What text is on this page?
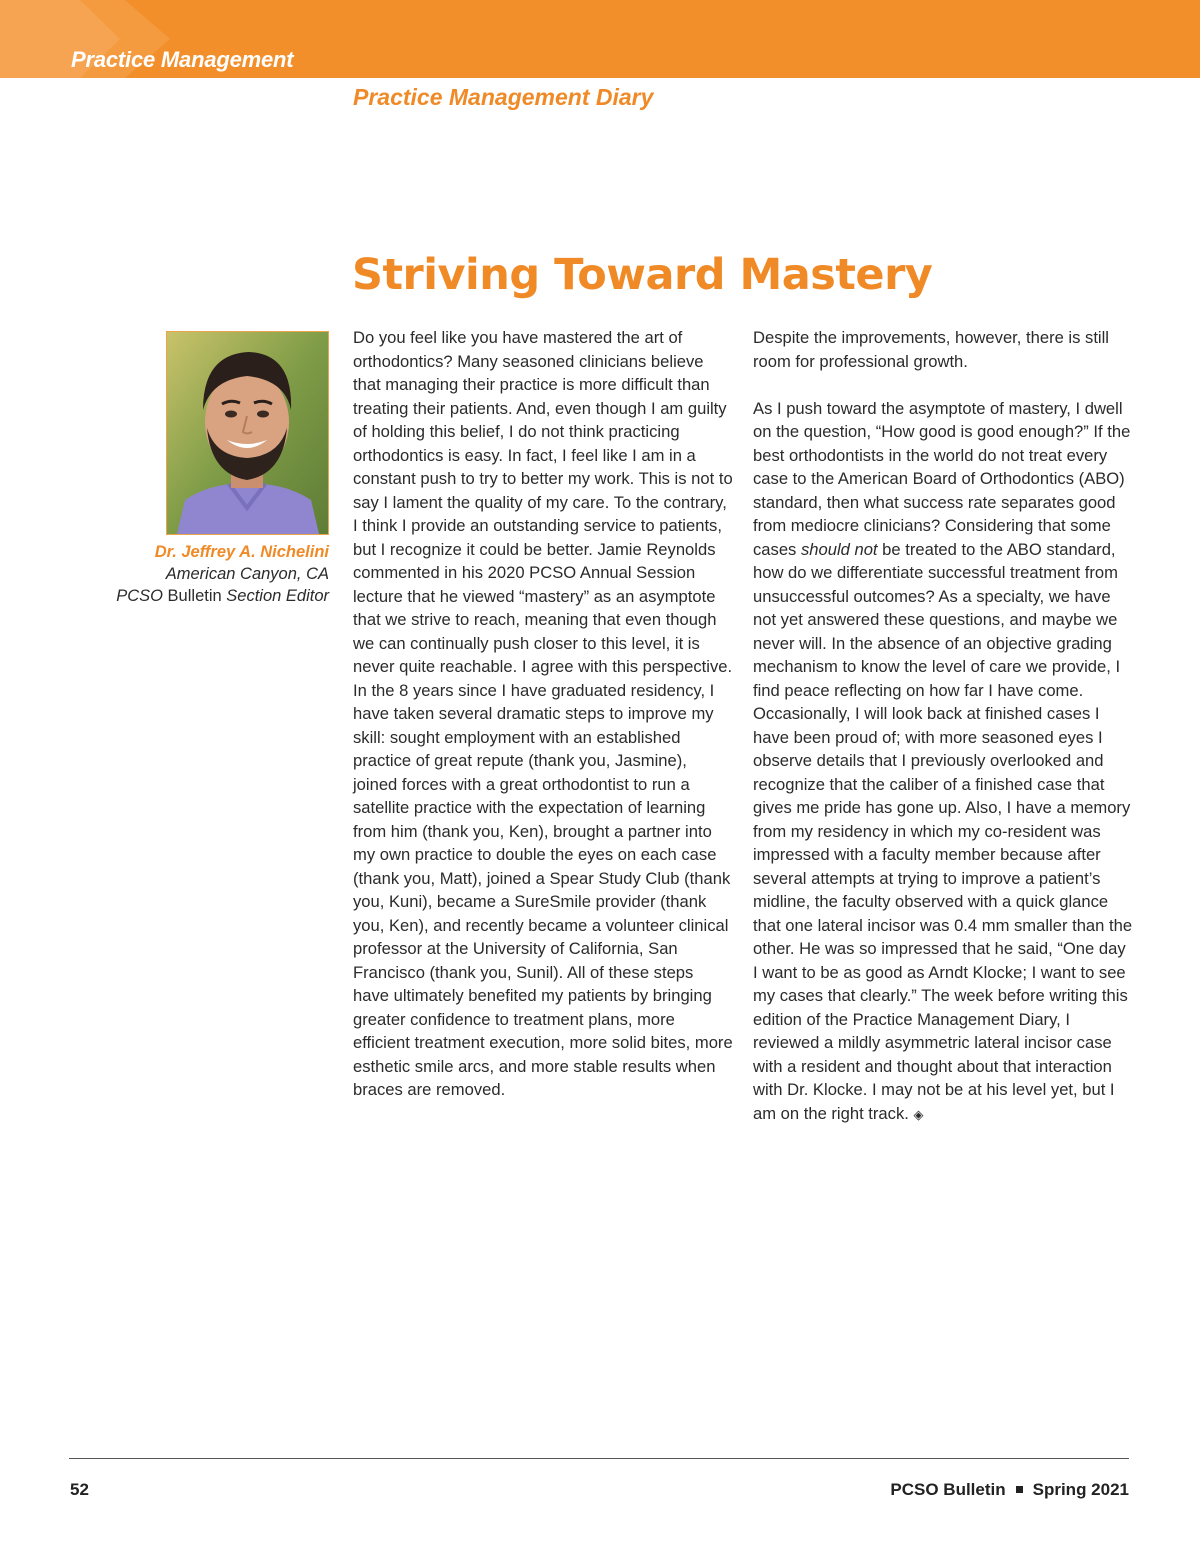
Practice Management
Practice Management Diary
Striving Toward Mastery
Dr. Jeffrey A. Nichelini
American Canyon, CA
PCSO Bulletin Section Editor

Do you feel like you have mastered the art of orthodontics? Many seasoned clinicians believe that managing their practice is more difficult than treating their patients. And, even though I am guilty of holding this belief, I do not think practicing orthodontics is easy. In fact, I feel like I am in a constant push to try to better my work. This is not to say I lament the quality of my care. To the contrary, I think I provide an outstanding service to patients, but I recognize it could be better. Jamie Reynolds commented in his 2020 PCSO Annual Session lecture that he viewed “mastery” as an asymptote that we strive to reach, meaning that even though we can continually push closer to this level, it is never quite reachable. I agree with this perspective. In the 8 years since I have graduated residency, I have taken several dramatic steps to improve my skill: sought employment with an established practice of great repute (thank you, Jasmine), joined forces with a great orthodontist to run a satellite practice with the expectation of learning from him (thank you, Ken), brought a partner into my own practice to double the eyes on each case (thank you, Matt), joined a Spear Study Club (thank you, Kuni), became a SureSmile provider (thank you, Ken), and recently became a volunteer clinical professor at the University of California, San Francisco (thank you, Sunil). All of these steps have ultimately benefited my patients by bringing greater confidence to treatment plans, more efficient treatment execution, more solid bites, more esthetic smile arcs, and more stable results when braces are removed.

Despite the improvements, however, there is still room for professional growth.

As I push toward the asymptote of mastery, I dwell on the question, “How good is good enough?” If the best orthodontists in the world do not treat every case to the American Board of Orthodontics (ABO) standard, then what success rate separates good from mediocre clinicians? Considering that some cases should not be treated to the ABO standard, how do we differentiate successful treatment from unsuccessful outcomes? As a specialty, we have not yet answered these questions, and maybe we never will. In the absence of an objective grading mechanism to know the level of care we provide, I find peace reflecting on how far I have come. Occasionally, I will look back at finished cases I have been proud of; with more seasoned eyes I observe details that I previously overlooked and recognize that the caliber of a finished case that gives me pride has gone up. Also, I have a memory from my residency in which my co-resident was impressed with a faculty member because after several attempts at trying to improve a patient’s midline, the faculty observed with a quick glance that one lateral incisor was 0.4 mm smaller than the other. He was so impressed that he said, “One day I want to be as good as Arndt Klocke; I want to see my cases that clearly.” The week before writing this edition of the Practice Management Diary, I reviewed a mildly asymmetric lateral incisor case with a resident and thought about that interaction with Dr. Klocke. I may not be at his level yet, but I am on the right track. ◈

52	PCSO Bulletin Spring 2021
